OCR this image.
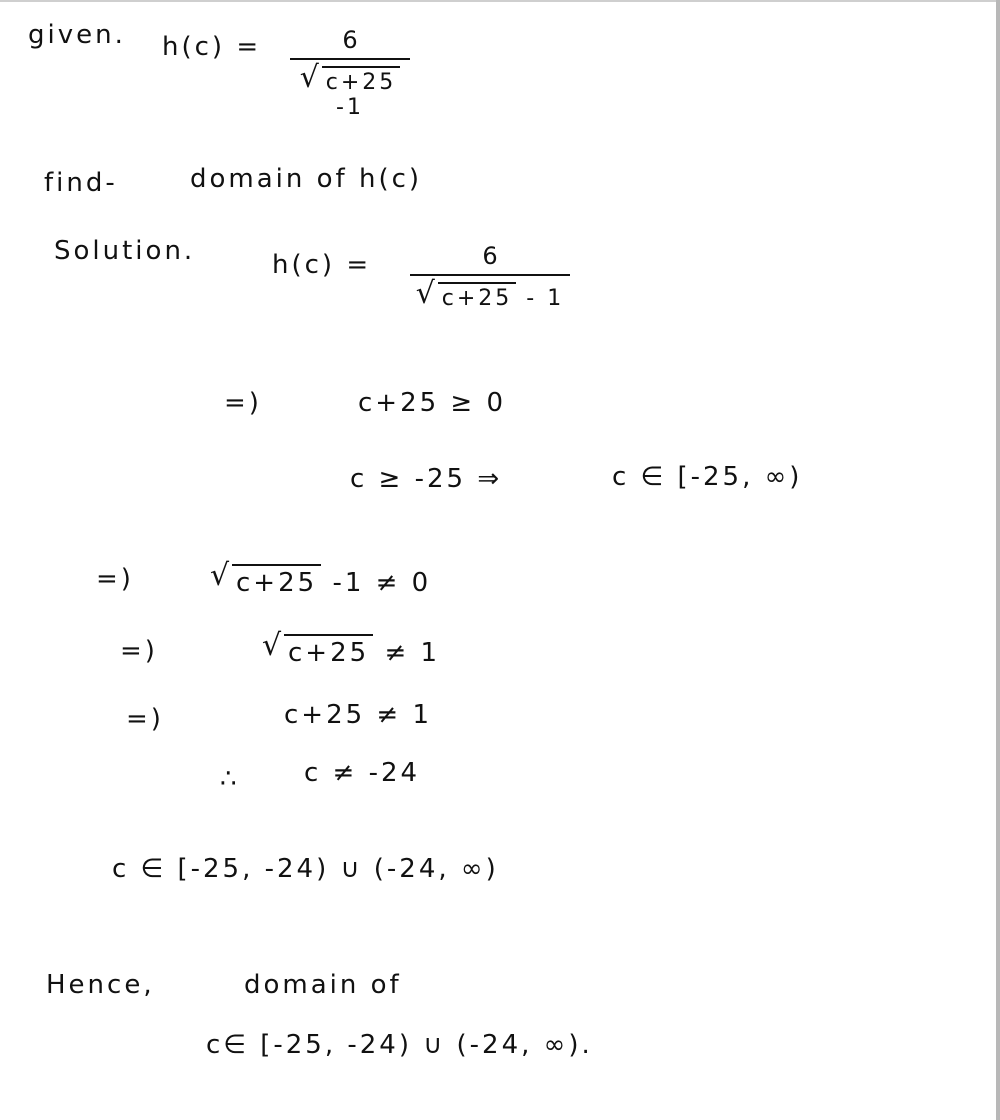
given. h(c) =	6
√ c+25 -1
find-	domain of h(c)
Solution.	h(c) =	6
√ c+25 - 1
=)	c+25 ≥ 0
c ≥ -25 ⇒	c ∈ [-25, ∞)
=)	√ c+25 -1 ≠ 0
=)	√ c+25 ≠ 1
=)	c+25 ≠ 1
∴ c ≠ -24
c ∈ [-25, -24) ∪ (-24, ∞)
Hence,	domain of
c∈ [-25, -24) ∪ (-24, ∞).
